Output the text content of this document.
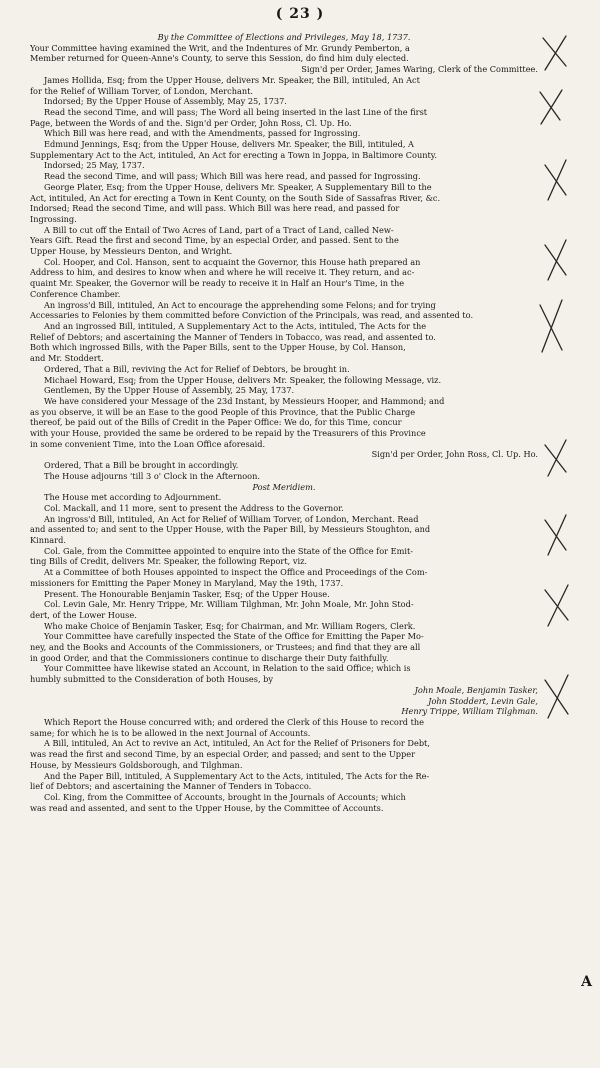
( 23 )
By the Committee of Elections and Privileges, May 18, 1737.
Your Committee having examined the Writ, and the Indentures of Mr. Grundy Pemberton, a
Member returned for Queen-Anne's County, to serve this Session, do find him duly elected.
Sign'd per Order, James Waring, Clerk of the Committee.
James Hollida, Esq; from the Upper House, delivers Mr. Speaker, the Bill, intituled, An Act
for the Relief of William Torver, of London, Merchant.
Indorsed; By the Upper House of Assembly, May 25, 1737.
Read the second Time, and will pass; The Word all being inserted in the last Line of the first
Page, between the Words of and the. Sign'd per Order, John Ross, Cl. Up. Ho.
Which Bill was here read, and with the Amendments, passed for Ingrossing.
Edmund Jennings, Esq; from the Upper House, delivers Mr. Speaker, the Bill, intituled, A
Supplementary Act to the Act, intituled, An Act for erecting a Town in Joppa, in Baltimore County.
Indorsed; 25 May, 1737.
Read the second Time, and will pass; Which Bill was here read, and passed for Ingrossing.
George Plater, Esq; from the Upper House, delivers Mr. Speaker, A Supplementary Bill to the
Act, intituled, An Act for erecting a Town in Kent County, on the South Side of Sassafras River, &c.
Indorsed; Read the second Time, and will pass. Which Bill was here read, and passed for
Ingrossing.
A Bill to cut off the Entail of Two Acres of Land, part of a Tract of Land, called New-
Years Gift. Read the first and second Time, by an especial Order, and passed. Sent to the
Upper House, by Messieurs Denton, and Wright.
Col. Hooper, and Col. Hanson, sent to acquaint the Governor, this House hath prepared an
Address to him, and desires to know when and where he will receive it. They return, and ac-
quaint Mr. Speaker, the Governor will be ready to receive it in Half an Hour's Time, in the
Conference Chamber.
An ingross'd Bill, intituled, An Act to encourage the apprehending some Felons; and for trying
Accessaries to Felonies by them committed before Conviction of the Principals, was read, and assented to.
And an ingrossed Bill, intituled, A Supplementary Act to the Acts, intituled, The Acts for the
Relief of Debtors; and ascertaining the Manner of Tenders in Tobacco, was read, and assented to.
Both which ingrossed Bills, with the Paper Bills, sent to the Upper House, by Col. Hanson,
and Mr. Stoddert.
Ordered, That a Bill, reviving the Act for Relief of Debtors, be brought in.
Michael Howard, Esq; from the Upper House, delivers Mr. Speaker, the following Message, viz.
Gentlemen, By the Upper House of Assembly, 25 May, 1737.
We have considered your Message of the 23d Instant, by Messieurs Hooper, and Hammond; and
as you observe, it will be an Ease to the good People of this Province, that the Public Charge
thereof, be paid out of the Bills of Credit in the Paper Office: We do, for this Time, concur
with your House, provided the same be ordered to be repaid by the Treasurers of this Province
in some convenient Time, into the Loan Office aforesaid.
Sign'd per Order, John Ross, Cl. Up. Ho.
Ordered, That a Bill be brought in accordingly.
The House adjourns 'till 3 o' Clock in the Afternoon.
Post Meridiem.
The House met according to Adjournment.
Col. Mackall, and 11 more, sent to present the Address to the Governor.
An ingross'd Bill, intituled, An Act for Relief of William Torver, of London, Merchant. Read
and assented to; and sent to the Upper House, with the Paper Bill, by Messieurs Stoughton, and
Kinnard.
Col. Gale, from the Committee appointed to enquire into the State of the Office for Emit-
ting Bills of Credit, delivers Mr. Speaker, the following Report, viz.
At a Committee of both Houses appointed to inspect the Office and Proceedings of the Com-
missioners for Emitting the Paper Money in Maryland, May the 19th, 1737.
Present. The Honourable Benjamin Tasker, Esq; of the Upper House.
Col. Levin Gale, Mr. Henry Trippe, Mr. William Tilghman, Mr. John Moale, Mr. John Stod-
dert, of the Lower House.
Who make Choice of Benjamin Tasker, Esq; for Chairman, and Mr. William Rogers, Clerk.
Your Committee have carefully inspected the State of the Office for Emitting the Paper Mo-
ney, and the Books and Accounts of the Commissioners, or Trustees; and find that they are all
in good Order, and that the Commissioners continue to discharge their Duty faithfully.
Your Committee have likewise stated an Account, in Relation to the said Office; which is
humbly submitted to the Consideration of both Houses, by
John Moale, Benjamin Tasker,
John Stoddert, Levin Gale,
Henry Trippe, William Tilghman.
Which Report the House concurred with; and ordered the Clerk of this House to record the
same; for which he is to be allowed in the next Journal of Accounts.
A Bill, intituled, An Act to revive an Act, intituled, An Act for the Relief of Prisoners for Debt,
was read the first and second Time, by an especial Order, and passed; and sent to the Upper
House, by Messieurs Goldsborough, and Tilghman.
And the Paper Bill, intituled, A Supplementary Act to the Acts, intituled, The Acts for the Re-
lief of Debtors; and ascertaining the Manner of Tenders in Tobacco.
Col. King, from the Committee of Accounts, brought in the Journals of Accounts; which
was read and assented, and sent to the Upper House, by the Committee of Accounts.
A
